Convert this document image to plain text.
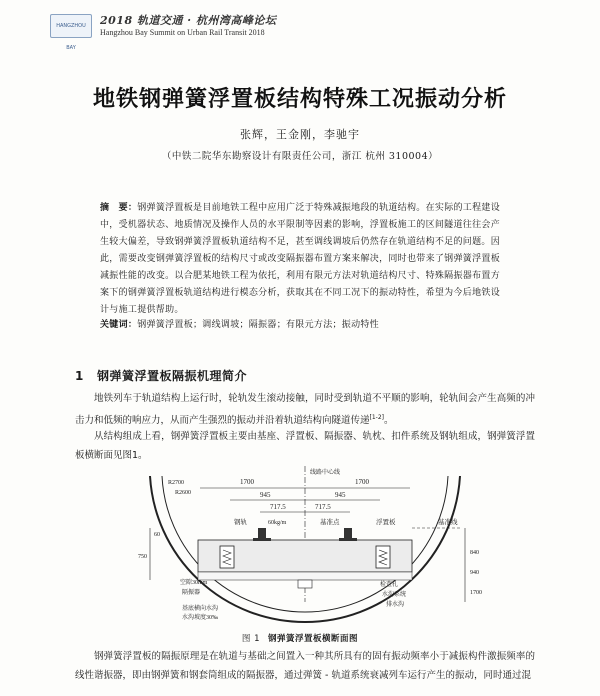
HANGZHOU BAY
2018 轨道交通 · 杭州湾高峰论坛
Hangzhou Bay Summit on Urban Rail Transit 2018
地铁钢弹簧浮置板结构特殊工况振动分析
张辉，王金刚，李驰宇
（中铁二院华东勘察设计有限责任公司，浙江 杭州 310004）
摘　要：钢弹簧浮置板是目前地铁工程中应用广泛于特殊减振地段的轨道结构。在实际的工程建设中，受机器状态、地质情况及操作人员的水平限制等因素的影响，浮置板施工的区间隧道往往会产生较大偏差，导致钢弹簧浮置板轨道结构不足，甚至调线调坡后仍然存在轨道结构不足的问题。因此，需要改变钢弹簧浮置板的结构尺寸或改变隔振器布置方案来解决，同时也带来了钢弹簧浮置板减振性能的改变。以合肥某地铁工程为依托，利用有限元方法对轨道结构尺寸、特殊隔振器布置方案下的钢弹簧浮置板轨道结构进行模态分析，获取其在不同工况下的振动特性，希望为今后地铁设计与施工提供帮助。
关键词：钢弹簧浮置板；调线调坡；隔振器；有限元方法；振动特性
1 钢弹簧浮置板隔振机理简介
地铁列车于轨道结构上运行时，轮轨发生滚动接触，同时受到轨道不平顺的影响，轮轨间会产生高频的冲击力和低频的响应力，从而产生强烈的振动并沿着轨道结构向隧道传递[1-2]。
从结构组成上看，钢弹簧浮置板主要由基座、浮置板、隔振器、轨枕、扣件系统及钢轨组成，钢弹簧浮置板横断面见图1。
1700	1700
945	945
717.5	717.5
线路中心线
R2700
R2600
钢轨	60kg/m	基准点	浮置板	基准线
空隙30mm
隔振器
基底横向水沟
水沟坡度30‰
检查孔
水沟系统
排水沟
750
60
840
940
1700
图 1 钢弹簧浮置板横断面图
钢弹簧浮置板的隔振原理是在轨道与基础之间置入一种其所具有的固有振动频率小于减振构件激振频率的线性谐振器，即由钢弹簧和钢套筒组成的隔振器，通过弹簧 - 轨道系统衰减列车运行产生的振动，同时通过混
